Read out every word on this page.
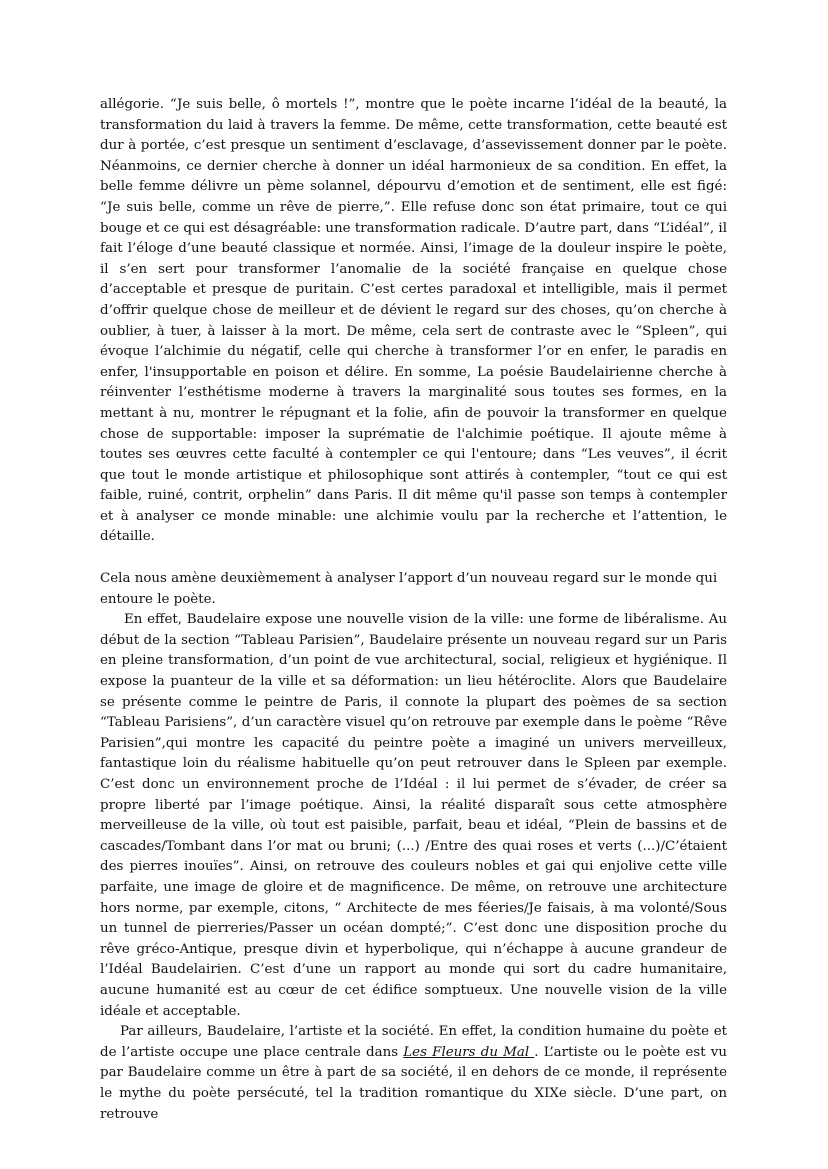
allégorie. “Je suis belle, ô mortels !”, montre que le poète incarne l’idéal de la beauté, la transformation du laid à travers la femme. De même, cette transformation, cette beauté est dur à portée, c’est presque un sentiment d’esclavage, d’assevissement donner par le poète. Néanmoins, ce dernier cherche à donner un idéal harmonieux de sa condition. En effet, la belle femme délivre un pème solannel, dépourvu d’emotion et de sentiment, elle est figé: “Je suis belle, comme un rêve de pierre,”. Elle refuse donc son état primaire, tout ce qui bouge et ce qui est désagréable: une transformation radicale. D’autre part, dans “L’idéal”, il fait l’éloge d’une beauté classique et normée. Ainsi, l’image de la douleur inspire le poète, il s’en sert pour transformer l’anomalie de la société française en quelque chose d’acceptable et presque de puritain. C’est certes paradoxal et intelligible, mais il permet d’offrir quelque chose de meilleur et de dévient le regard sur des choses, qu’on cherche à oublier, à tuer, à laisser à la mort. De même, cela sert de contraste avec le “Spleen”, qui évoque l’alchimie du négatif, celle qui cherche à transformer l’or en enfer, le paradis en enfer, l'insupportable en poison et délire. En somme, La poésie Baudelairienne cherche à réinventer l’esthétisme moderne à travers la marginalité sous toutes ses formes, en la mettant à nu, montrer le répugnant et la folie, afin de pouvoir la transformer en quelque chose de supportable: imposer la suprématie de l'alchimie poétique. Il ajoute même à toutes ses œuvres cette faculté à contempler ce qui l'entoure; dans “Les veuves”, il écrit que tout le monde artistique et philosophique sont attirés à contempler, “tout ce qui est faible, ruiné, contrit, orphelin” dans Paris. Il dit même qu'il passe son temps à contempler et à analyser ce monde minable: une alchimie voulu par la recherche et l’attention, le détaille.

Cela nous amène deuxièmement à analyser l’apport d’un nouveau regard sur le monde qui entoure le poète.

En effet, Baudelaire expose une nouvelle vision de la ville: une forme de libéralisme. Au début de la section “Tableau Parisien”, Baudelaire présente un nouveau regard sur un Paris en pleine transformation, d’un point de vue architectural, social, religieux et hygiénique. Il expose la puanteur de la ville et sa déformation: un lieu hétéroclite. Alors que Baudelaire se présente comme le peintre de Paris, il connote la plupart des poèmes de sa section “Tableau Parisiens”, d’un caractère visuel qu’on retrouve par exemple dans le poème “Rêve Parisien”,qui montre les capacité du peintre poète a imaginé un univers merveilleux, fantastique loin du réalisme habituelle qu’on peut retrouver dans le Spleen par exemple. C’est donc un environnement proche de l’Idéal : il lui permet de s’évader, de créer sa propre liberté par l’image poétique. Ainsi, la réalité disparaît sous cette atmosphère merveilleuse de la ville, où tout est paisible, parfait, beau et idéal, “Plein de bassins et de cascades/Tombant dans l’or mat ou bruni; (...) /Entre des quai roses et verts (...)/C’étaient des pierres inouïes”. Ainsi, on retrouve des couleurs nobles et gai qui enjolive cette ville parfaite, une image de gloire et de magnificence. De même, on retrouve une architecture hors norme, par exemple, citons, “ Architecte de mes féeries/Je faisais, à ma volonté/Sous un tunnel de pierreries/Passer un océan dompté;”. C’est donc une disposition proche du rêve gréco-Antique, presque divin et hyperbolique, qui n’échappe à aucune grandeur de l’Idéal Baudelairien. C’est d’une un rapport au monde qui sort du cadre humanitaire, aucune humanité est au cœur de cet édifice somptueux. Une nouvelle vision de la ville idéale et acceptable.

Par ailleurs, Baudelaire, l’artiste et la société. En effet, la condition humaine du poète et de l’artiste occupe une place centrale dans Les Fleurs du Mal . L’artiste ou le poète est vu par Baudelaire comme un être à part de sa société, il en dehors de ce monde, il représente le mythe du poète persécuté, tel la tradition romantique du XIXe siècle. D’une part, on retrouve
